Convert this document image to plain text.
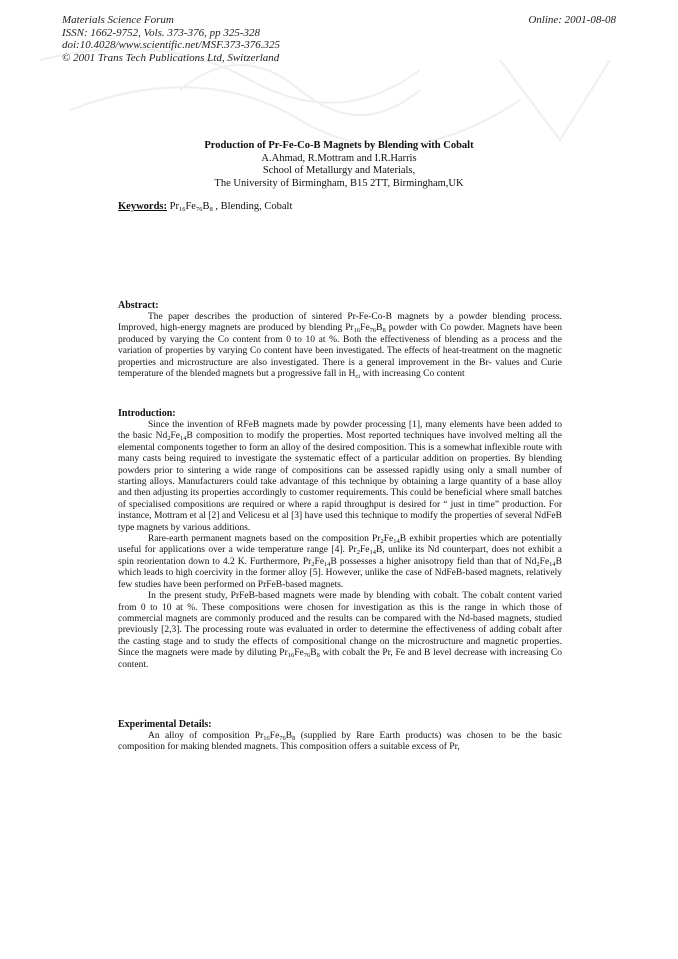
Materials Science Forum
ISSN: 1662-9752, Vols. 373-376, pp 325-328
doi:10.4028/www.scientific.net/MSF.373-376.325
© 2001 Trans Tech Publications Ltd, Switzerland
Online: 2001-08-08
Production of Pr-Fe-Co-B Magnets by Blending with Cobalt
A.Ahmad, R.Mottram and I.R.Harris
School of Metallurgy and Materials,
The University of Birmingham, B15 2TT, Birmingham,UK
Keywords: $Pr_{16}Fe_{76}B_8$ , Blending, Cobalt

Abstract:

The paper describes the production of sintered Pr-Fe-Co-B magnets by a powder blending process. Improved, high-energy magnets are produced by blending $Pr_{16}Fe_{76}B_8$ powder with Co powder. Magnets have been produced by varying the Co content from 0 to 10 at %. Both the effectiveness of blending as a process and the variation of properties by varying Co content have been investigated. The effects of heat-treatment on the magnetic properties and microstructure are also investigated. There is a general improvement in the Br- values and Curie temperature of the blended magnets but a progressive fall in $H_{ci}$ with increasing Co content

Introduction:

Since the invention of RFeB magnets made by powder processing [1], many elements have been added to the basic $Nd_2Fe_{14}B$ composition to modify the properties. Most reported techniques have involved melting all the elemental components together to form an alloy of the desired composition. This is a somewhat inflexible route with many casts being required to investigate the systematic effect of a particular addition on properties. By blending powders prior to sintering a wide range of compositions can be assessed rapidly using only a small number of starting alloys. Manufacturers could take advantage of this technique by obtaining a large quantity of a base alloy and then adjusting its properties accordingly to customer requirements. This could be beneficial where small batches of specialised compositions are required or where a rapid throughput is desired for “ just in time” production. For instance, Mottram et al [2] and Velicesu et al [3] have used this technique to modify the properties of several NdFeB type magnets by various additions.

Rare-earth permanent magnets based on the composition $Pr_2Fe_{14}B$ exhibit properties which are potentially useful for applications over a wide temperature range [4]. $Pr_2Fe_{14}B$, unlike its Nd counterpart, does not exhibit a spin reorientation down to 4.2 K. Furthermore, $Pr_2Fe_{14}B$ possesses a higher anisotropy field than that of $Nd_2Fe_{14}B$ which leads to high coercivity in the former alloy [5]. However, unlike the case of NdFeB-based magnets, relatively few studies have been performed on PrFeB-based magnets.

In the present study, PrFeB-based magnets were made by blending with cobalt. The cobalt content varied from 0 to 10 at %. These compositions were chosen for investigation as this is the range in which those of commercial magnets are commonly produced and the results can be compared with the Nd-based magnets, studied previously [2,3]. The processing route was evaluated in order to determine the effectiveness of adding cobalt after the casting stage and to study the effects of compositional change on the microstructure and magnetic properties. Since the magnets were made by diluting $Pr_{16}Fe_{76}B_8$ with cobalt the Pr, Fe and B level decrease with increasing Co content.

Experimental Details:

An alloy of composition $Pr_{16}Fe_{76}B_8$ (supplied by Rare Earth products) was chosen to be the basic composition for making blended magnets. This composition offers a suitable excess of Pr,
